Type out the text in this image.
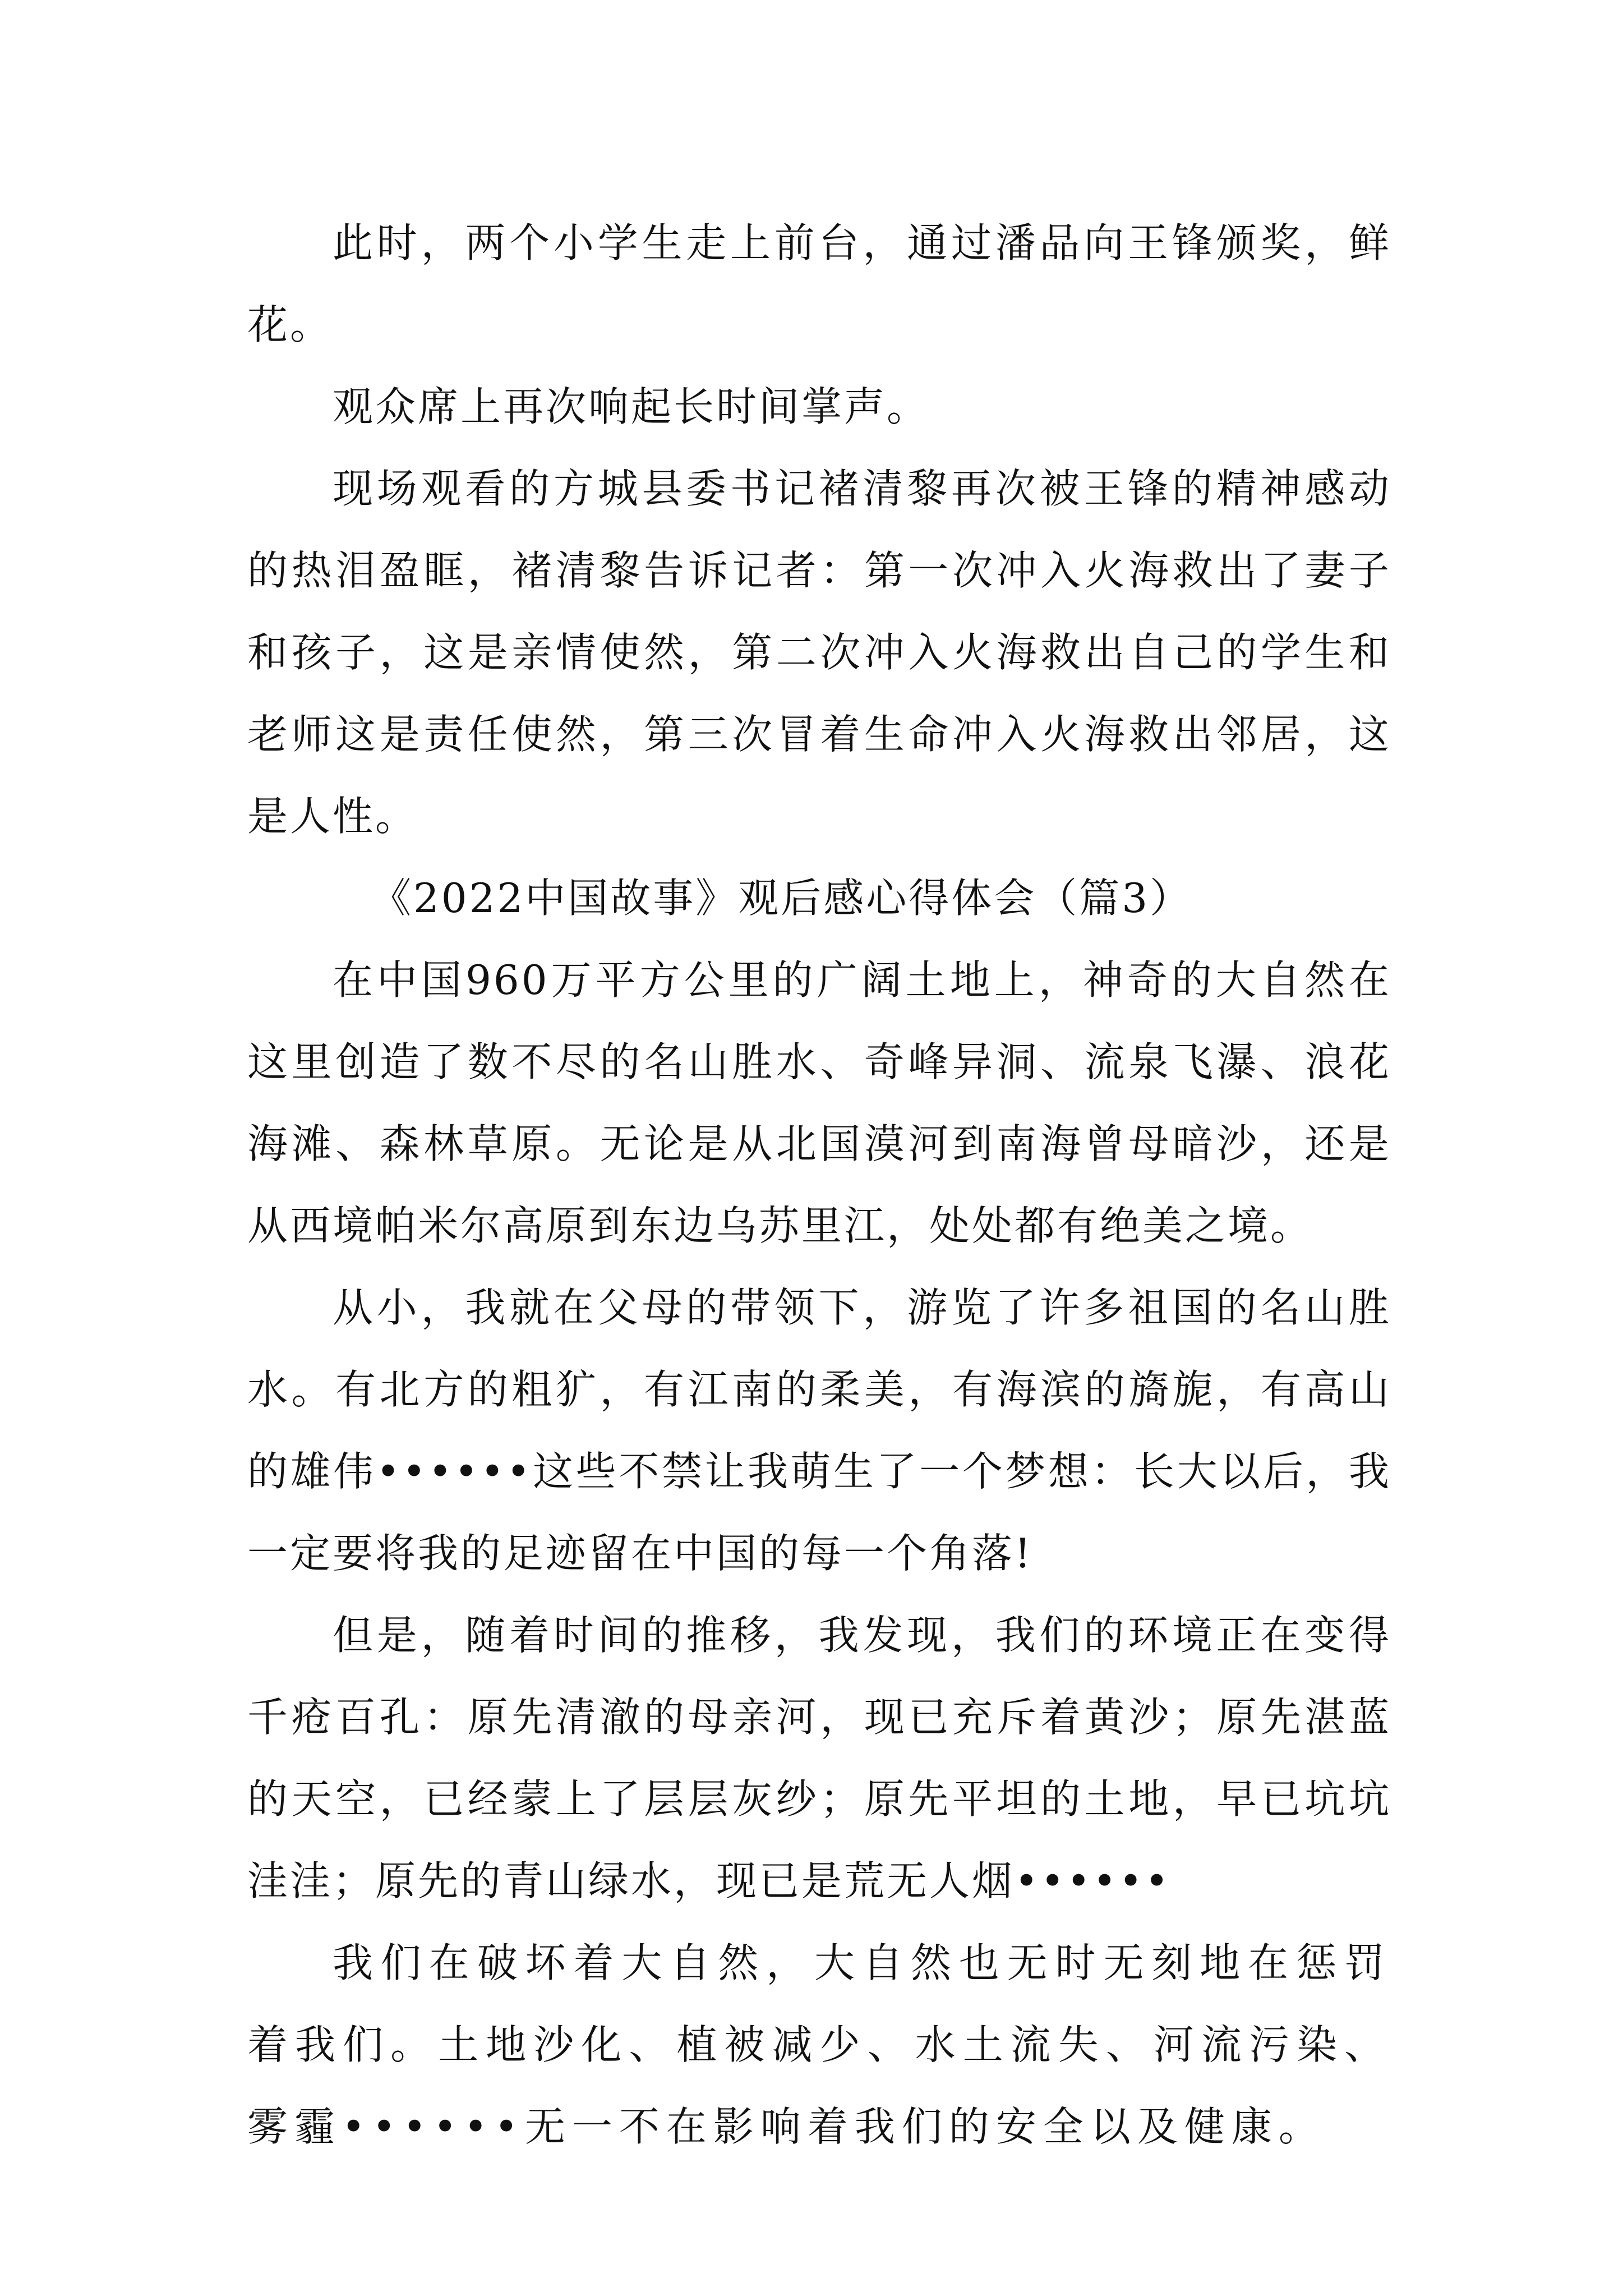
此时，两个小学生走上前台，通过潘品向王锋颁奖，鲜花。

观众席上再次响起长时间掌声。

现场观看的方城县委书记褚清黎再次被王锋的精神感动的热泪盈眶，褚清黎告诉记者：第一次冲入火海救出了妻子和孩子，这是亲情使然，第二次冲入火海救出自己的学生和老师这是责任使然，第三次冒着生命冲入火海救出邻居，这是人性。

《2022中国故事》观后感心得体会（篇3）

在中国960万平方公里的广阔土地上，神奇的大自然在这里创造了数不尽的名山胜水、奇峰异洞、流泉飞瀑、浪花海滩、森林草原。无论是从北国漠河到南海曾母暗沙，还是从西境帕米尔高原到东边乌苏里江，处处都有绝美之境。

从小，我就在父母的带领下，游览了许多祖国的名山胜水。有北方的粗犷，有江南的柔美，有海滨的旖旎，有高山的雄伟••••••这些不禁让我萌生了一个梦想：长大以后，我一定要将我的足迹留在中国的每一个角落!

但是，随着时间的推移，我发现，我们的环境正在变得千疮百孔：原先清澈的母亲河，现已充斥着黄沙；原先湛蓝的天空，已经蒙上了层层灰纱；原先平坦的土地，早已坑坑洼洼；原先的青山绿水，现已是荒无人烟••••••

我们在破坏着大自然，大自然也无时无刻地在惩罚着我们。土地沙化、植被减少、水土流失、河流污染、雾霾••••••无一不在影响着我们的安全以及健康。
